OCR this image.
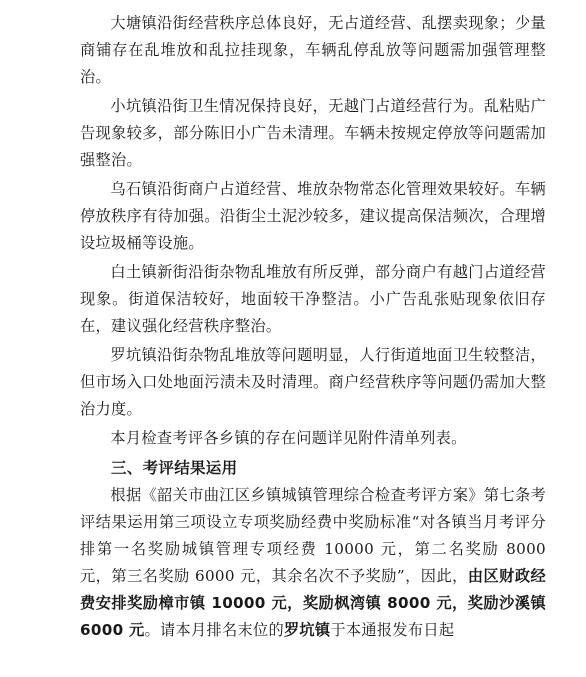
大塘镇沿街经营秩序总体良好，无占道经营、乱摆卖现象；少量商铺存在乱堆放和乱拉挂现象，车辆乱停乱放等问题需加强管理整治。

小坑镇沿街卫生情况保持良好，无越门占道经营行为。乱粘贴广告现象较多，部分陈旧小广告未清理。车辆未按规定停放等问题需加强整治。

乌石镇沿街商户占道经营、堆放杂物常态化管理效果较好。车辆停放秩序有待加强。沿街尘土泥沙较多，建议提高保洁频次，合理增设垃圾桶等设施。

白土镇新街沿街杂物乱堆放有所反弹，部分商户有越门占道经营现象。街道保洁较好，地面较干净整洁。小广告乱张贴现象依旧存在，建议强化经营秩序整治。

罗坑镇沿街杂物乱堆放等问题明显，人行街道地面卫生较整洁，但市场入口处地面污渍未及时清理。商户经营秩序等问题仍需加大整治力度。

本月检查考评各乡镇的存在问题详见附件清单列表。

三、考评结果运用

根据《韶关市曲江区乡镇城镇管理综合检查考评方案》第七条考评结果运用第三项设立专项奖励经费中奖励标准“对各镇当月考评分排第一名奖励城镇管理专项经费 10000 元，第二名奖励 8000 元，第三名奖励 6000 元，其余名次不予奖励”，因此，由区财政经费安排奖励樟市镇 10000 元，奖励枫湾镇 8000 元，奖励沙溪镇 6000 元。请本月排名末位的罗坑镇于本通报发布日起
